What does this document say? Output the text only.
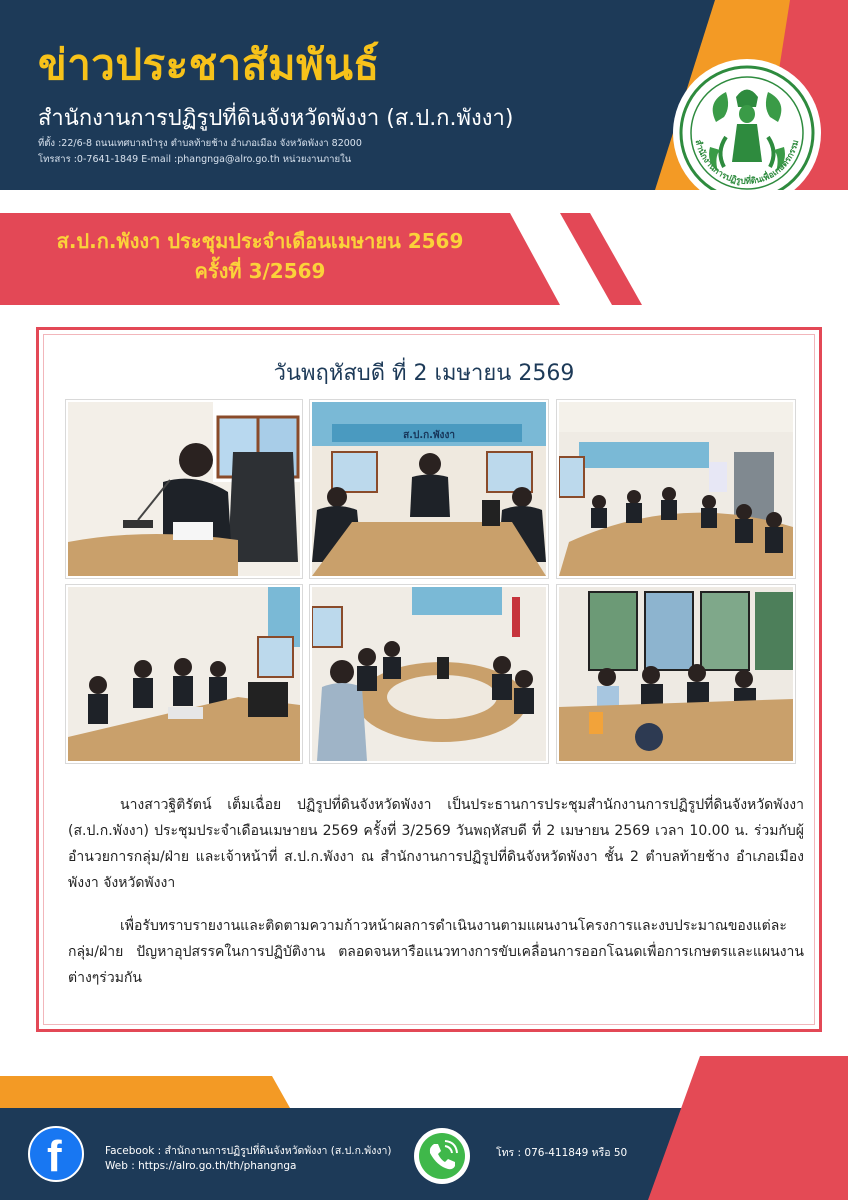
ข่าวประชาสัมพันธ์
สำนักงานการปฏิรูปที่ดินจังหวัดพังงา (ส.ป.ก.พังงา)
ที่ตั้ง :22/6-8 ถนนเทศบาลบำรุง ตำบลท้ายช้าง อำเภอเมือง จังหวัดพังงา 82000
โทรสาร :0-7641-1849 E-mail :phangnga@alro.go.th หน่วยงานภายใน
สำนักงานการปฏิรูปที่ดินเพื่อเกษตรกรรม
ส.ป.ก.พังงา ประชุมประจำเดือนเมษายน 2569
ครั้งที่ 3/2569
วันพฤหัสบดี ที่ 2 เมษายน 2569
ส.ป.ก.พังงา
นางสาวฐิติรัตน์ เต็มเฉื่อย ปฏิรูปที่ดินจังหวัดพังงา เป็นประธานการประชุมสำนักงานการปฏิรูปที่ดินจังหวัดพังงา (ส.ป.ก.พังงา) ประชุมประจำเดือนเมษายน 2569 ครั้งที่ 3/2569 วันพฤหัสบดี ที่ 2 เมษายน 2569 เวลา 10.00 น. ร่วมกับผู้อำนวยการกลุ่ม/ฝ่าย และเจ้าหน้าที่ ส.ป.ก.พังงา ณ สำนักงานการปฏิรูปที่ดินจังหวัดพังงา ชั้น 2 ตำบลท้ายช้าง อำเภอเมืองพังงา จังหวัดพังงา
เพื่อรับทราบรายงานและติดตามความก้าวหน้าผลการดำเนินงานตามแผนงานโครงการและงบประมาณของแต่ละกลุ่ม/ฝ่าย ปัญหาอุปสรรคในการปฏิบัติงาน ตลอดจนหารือแนวทางการขับเคลื่อนการออกโฉนดเพื่อการเกษตรและแผนงานต่างๆร่วมกัน
f	Facebook : สำนักงานการปฏิรูปที่ดินจังหวัดพังงา (ส.ป.ก.พังงา)
Web : https://alro.go.th/th/phangnga
โทร : 076-411849 หรือ 50
